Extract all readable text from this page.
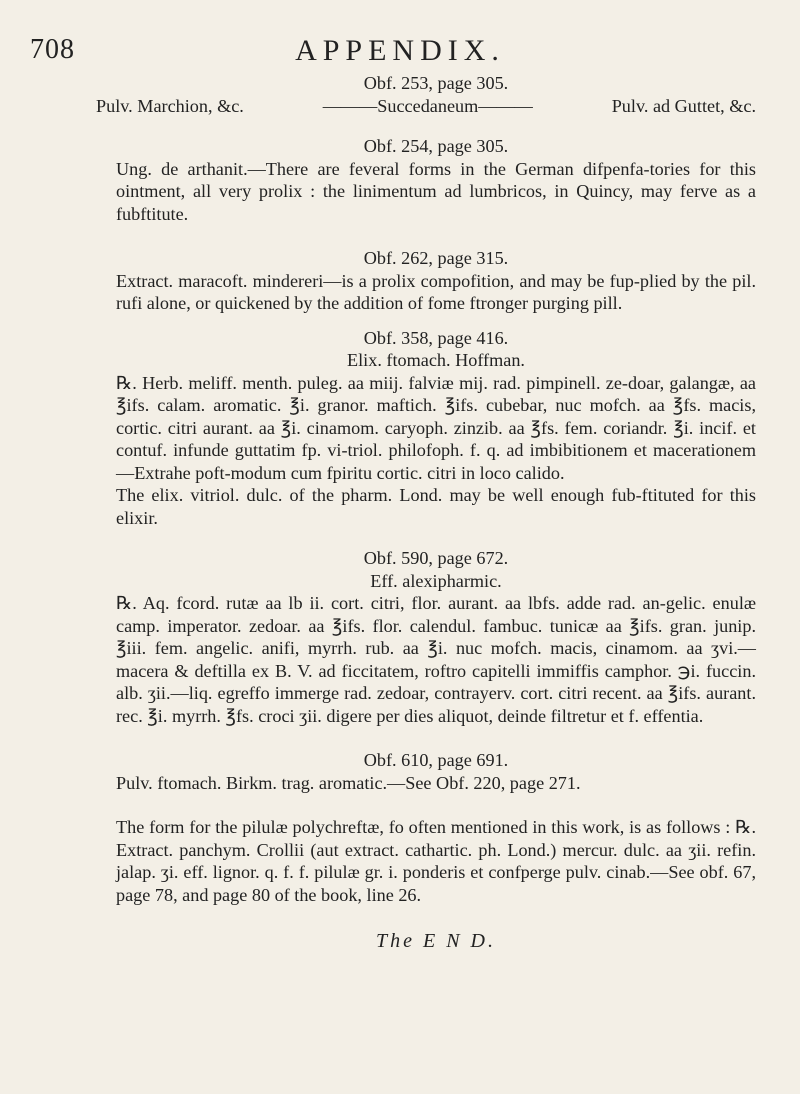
708	APPENDIX.

Obf. 253, page 305.

Pulv. Marchion, &c.	———Succedaneum———	Pulv. ad Guttet, &c.

Obf. 254, page 305.

Ung. de arthanit.—There are feveral forms in the German difpenfa-tories for this ointment, all very prolix : the linimentum ad lumbricos, in Quincy, may ferve as a fubftitute.

Obf. 262, page 315.

Extract. maracoft. mindereri—is a prolix compofition, and may be fup-plied by the pil. rufi alone, or quickened by the addition of fome ftronger purging pill.

Obf. 358, page 416.

Elix. ftomach. Hoffman.

℞. Herb. meliff. menth. puleg. aa miij. falviæ mij. rad. pimpinell. ze-doar, galangæ, aa ℥ifs. calam. aromatic. ℥i. granor. maftich. ℥ifs. cubebar, nuc mofch. aa ℥fs. macis, cortic. citri aurant. aa ℥i. cinamom. caryoph. zinzib. aa ℥fs. fem. coriandr. ℥i. incif. et contuf. infunde guttatim fp. vi-triol. philofoph. f. q. ad imbibitionem et macerationem—Extrahe poft-modum cum fpiritu cortic. citri in loco calido.

The elix. vitriol. dulc. of the pharm. Lond. may be well enough fub-ftituted for this elixir.

Obf. 590, page 672.

Eff. alexipharmic.

℞. Aq. fcord. rutæ aa lb ii. cort. citri, flor. aurant. aa lbfs. adde rad. an-gelic. enulæ camp. imperator. zedoar. aa ℥ifs. flor. calendul. fambuc. tunicæ aa ℥ifs. gran. junip. ℥iii. fem. angelic. anifi, myrrh. rub. aa ℥i. nuc mofch. macis, cinamom. aa ʒvi.—macera & deftilla ex B. V. ad ficcitatem, roftro capitelli immiffis camphor. ℈i. fuccin. alb. ʒii.—liq. egreffo immerge rad. zedoar, contrayerv. cort. citri recent. aa ℥ifs. aurant. rec. ℥i. myrrh. ℥fs. croci ʒii. digere per dies aliquot, deinde filtretur et f. effentia.

Obf. 610, page 691.

Pulv. ftomach. Birkm. trag. aromatic.—See Obf. 220, page 271.

The form for the pilulæ polychreftæ, fo often mentioned in this work, is as follows : ℞. Extract. panchym. Crollii (aut extract. cathartic. ph. Lond.) mercur. dulc. aa ʒii. refin. jalap. ʒi. eff. lignor. q. f. f. pilulæ gr. i. ponderis et confperge pulv. cinab.—See obf. 67, page 78, and page 80 of the book, line 26.

The E N D.
